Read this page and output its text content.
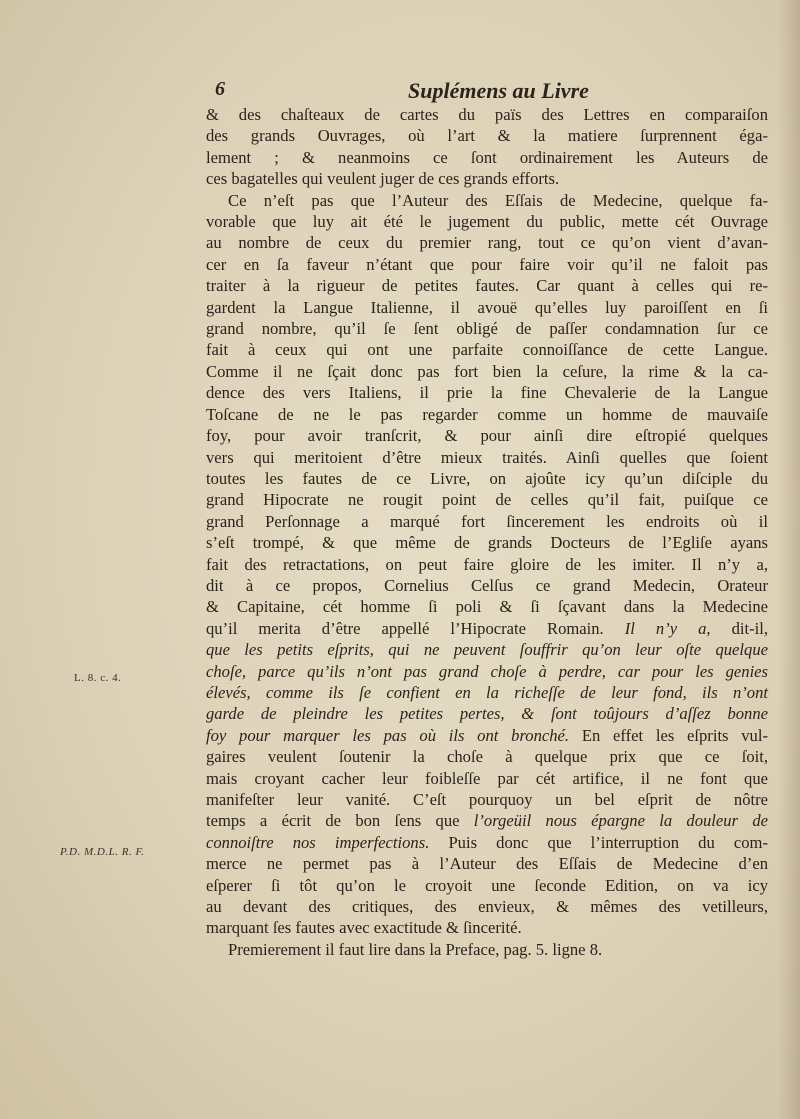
6	Suplémens au Livre
L. 8. c. 4.
P.D. M.D.L. R. F.
& des chaſteaux de cartes du païs des Lettres en comparaiſon
des grands Ouvrages, où l’art & la matiere ſurprennent éga-
lement ; & neanmoins ce ſont ordinairement les Auteurs de
ces bagatelles qui veulent juger de ces grands efforts.
Ce n’eſt pas que l’Auteur des Eſſais de Medecine, quelque fa-
vorable que luy ait été le jugement du public, mette cét Ouvrage
au nombre de ceux du premier rang, tout ce qu’on vient d’avan-
cer en ſa faveur n’étant que pour faire voir qu’il ne faloit pas
traiter à la rigueur de petites fautes. Car quant à celles qui re-
gardent la Langue Italienne, il avouë qu’elles luy paroiſſent en ſi
grand nombre, qu’il ſe ſent obligé de paſſer condamnation ſur ce
fait à ceux qui ont une parfaite connoiſſance de cette Langue.
Comme il ne ſçait donc pas fort bien la ceſure, la rime & la ca-
dence des vers Italiens, il prie la fine Chevalerie de la Langue
Toſcane de ne le pas regarder comme un homme de mauvaiſe
foy, pour avoir tranſcrit, & pour ainſi dire eſtropié quelques
vers qui meritoient d’être mieux traités. Ainſi quelles que ſoient
toutes les fautes de ce Livre, on ajoûte icy qu’un diſciple du
grand Hipocrate ne rougit point de celles qu’il fait, puiſque ce
grand Perſonnage a marqué fort ſincerement les endroits où il
s’eſt trompé, & que même de grands Docteurs de l’Egliſe ayans
fait des retractations, on peut faire gloire de les imiter. Il n’y a,
dit à ce propos, Cornelius Celſus ce grand Medecin, Orateur
& Capitaine, cét homme ſi poli & ſi ſçavant dans la Medecine
qu’il merita d’être appellé l’Hipocrate Romain. Il n’y a, dit-il,
que les petits eſprits, qui ne peuvent ſouffrir qu’on leur oſte quelque
choſe, parce qu’ils n’ont pas grand choſe à perdre, car pour les genies
élevés, comme ils ſe confient en la richeſſe de leur fond, ils n’ont
garde de pleindre les petites pertes, & ſont toûjours d’aſſez bonne
foy pour marquer les pas où ils ont bronché. En effet les eſprits vul-
gaires veulent ſoutenir la choſe à quelque prix que ce ſoit,
mais croyant cacher leur foibleſſe par cét artifice, il ne font que
manifeſter leur vanité. C’eſt pourquoy un bel eſprit de nôtre
temps a écrit de bon ſens que l’orgeüil nous épargne la douleur de
connoiſtre nos imperfections. Puis donc que l’interruption du com-
merce ne permet pas à l’Auteur des Eſſais de Medecine d’en
eſperer ſi tôt qu’on le croyoit une ſeconde Edition, on va icy
au devant des critiques, des envieux, & mêmes des vetilleurs,
marquant ſes fautes avec exactitude & ſincerité.
Premierement il faut lire dans la Preface, pag. 5. ligne 8.
